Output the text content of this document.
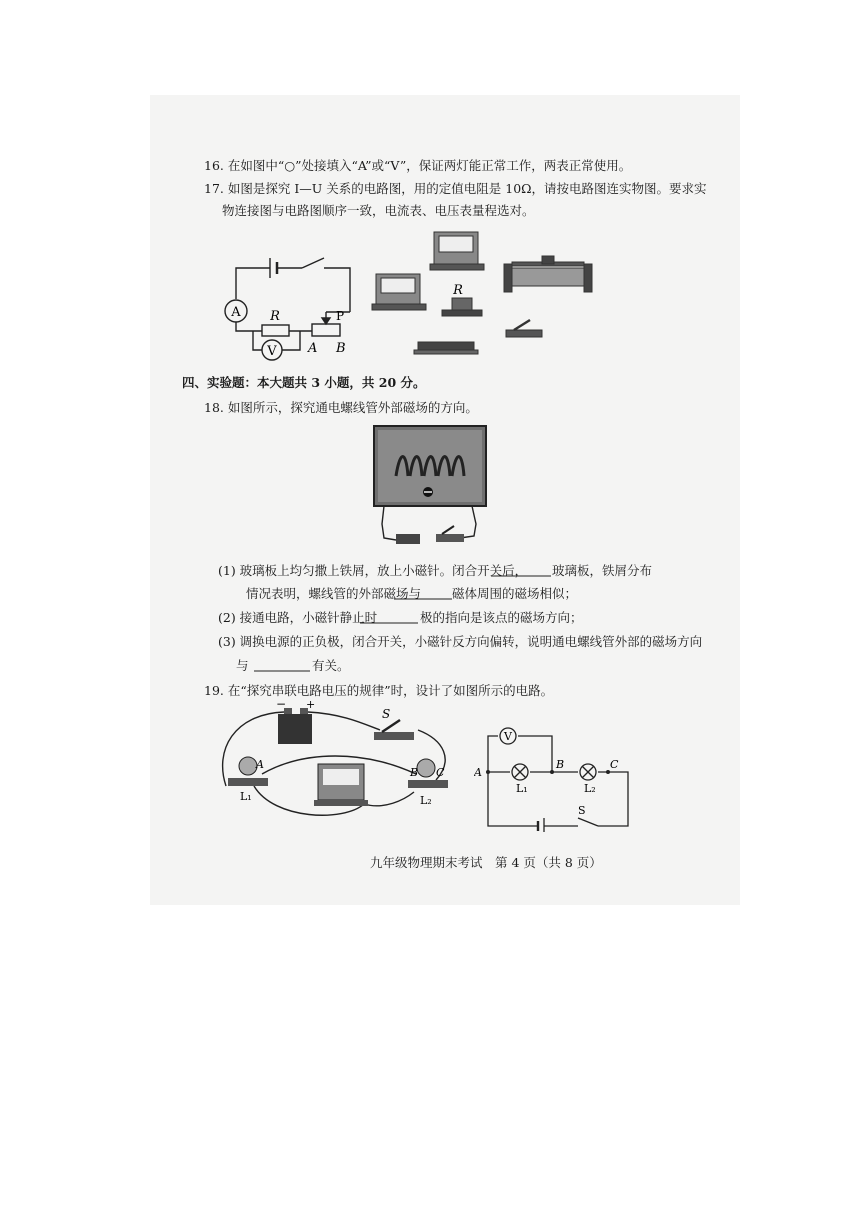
16. 在如图中“○”处接填入“A”或“V”，保证两灯能正常工作，两表正常使用。
17. 如图是探究 I—U 关系的电路图，用的定值电阻是 10Ω，请按电路图连实物图。要求实
物连接图与电路图顺序一致，电流表、电压表量程选对。
A
V
R	P
A B
R
四、实验题：本大题共 3 小题，共 20 分。
18. 如图所示，探究通电螺线管外部磁场的方向。
(1) 玻璃板上均匀撒上铁屑，放上小磁针。闭合开关后， 玻璃板，铁屑分布
情况表明，螺线管的外部磁场与 磁体周围的磁场相似；
(2) 接通电路，小磁针静止时	极的指向是该点的磁场方向；
(3) 调换电源的正负极，闭合开关，小磁针反方向偏转，说明通电螺线管外部的磁场方向
与	有关。
19. 在“探究串联电路电压的规律”时，设计了如图所示的电路。
− +
S
A
B C
L₁	L₂
V
A
B	C
L₁	L₂
S
九年级物理期末考试　第 4 页（共 8 页）
